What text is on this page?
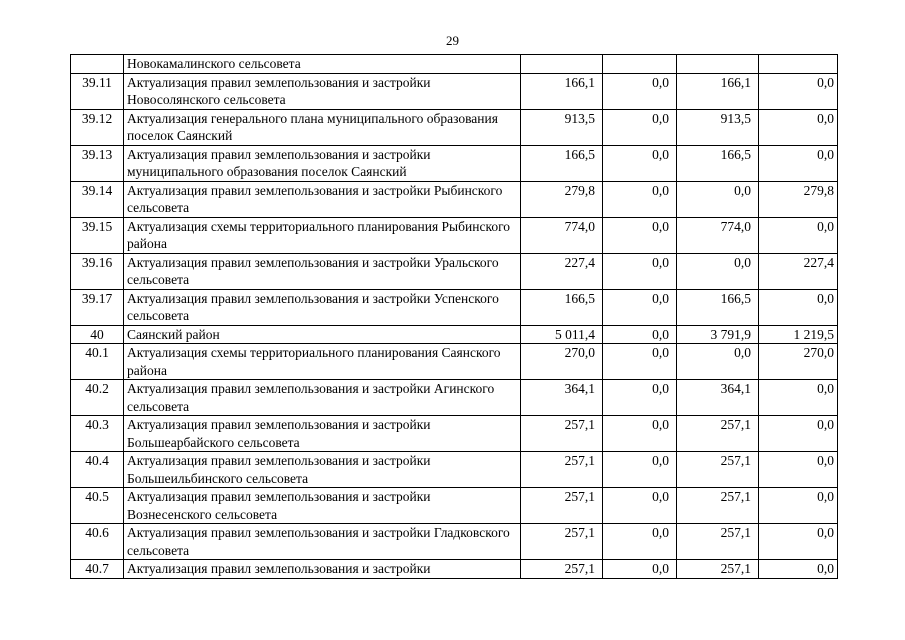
29
	Новокамалинского сельсовета				
39.11	Актуализация правил землепользования и застройки Новосолянского сельсовета	166,1	0,0	166,1	0,0
39.12	Актуализация генерального плана муниципального образования поселок Саянский	913,5	0,0	913,5	0,0
39.13	Актуализация правил землепользования и застройки муниципального образования поселок Саянский	166,5	0,0	166,5	0,0
39.14	Актуализация правил землепользования и застройки Рыбинского сельсовета	279,8	0,0	0,0	279,8
39.15	Актуализация схемы территориального планирования Рыбинского района	774,0	0,0	774,0	0,0
39.16	Актуализация правил землепользования и застройки Уральского сельсовета	227,4	0,0	0,0	227,4
39.17	Актуализация правил землепользования и застройки Успенского сельсовета	166,5	0,0	166,5	0,0
40	Саянский район	5 011,4	0,0	3 791,9	1 219,5
40.1	Актуализация схемы территориального планирования Саянского района	270,0	0,0	0,0	270,0
40.2	Актуализация правил землепользования и застройки Агинского сельсовета	364,1	0,0	364,1	0,0
40.3	Актуализация правил землепользования и застройки Большеарбайского сельсовета	257,1	0,0	257,1	0,0
40.4	Актуализация правил землепользования и застройки Большеильбинского сельсовета	257,1	0,0	257,1	0,0
40.5	Актуализация правил землепользования и застройки Вознесенского сельсовета	257,1	0,0	257,1	0,0
40.6	Актуализация правил землепользования и застройки Гладковского сельсовета	257,1	0,0	257,1	0,0
40.7	Актуализация правил землепользования и застройки	257,1	0,0	257,1	0,0
